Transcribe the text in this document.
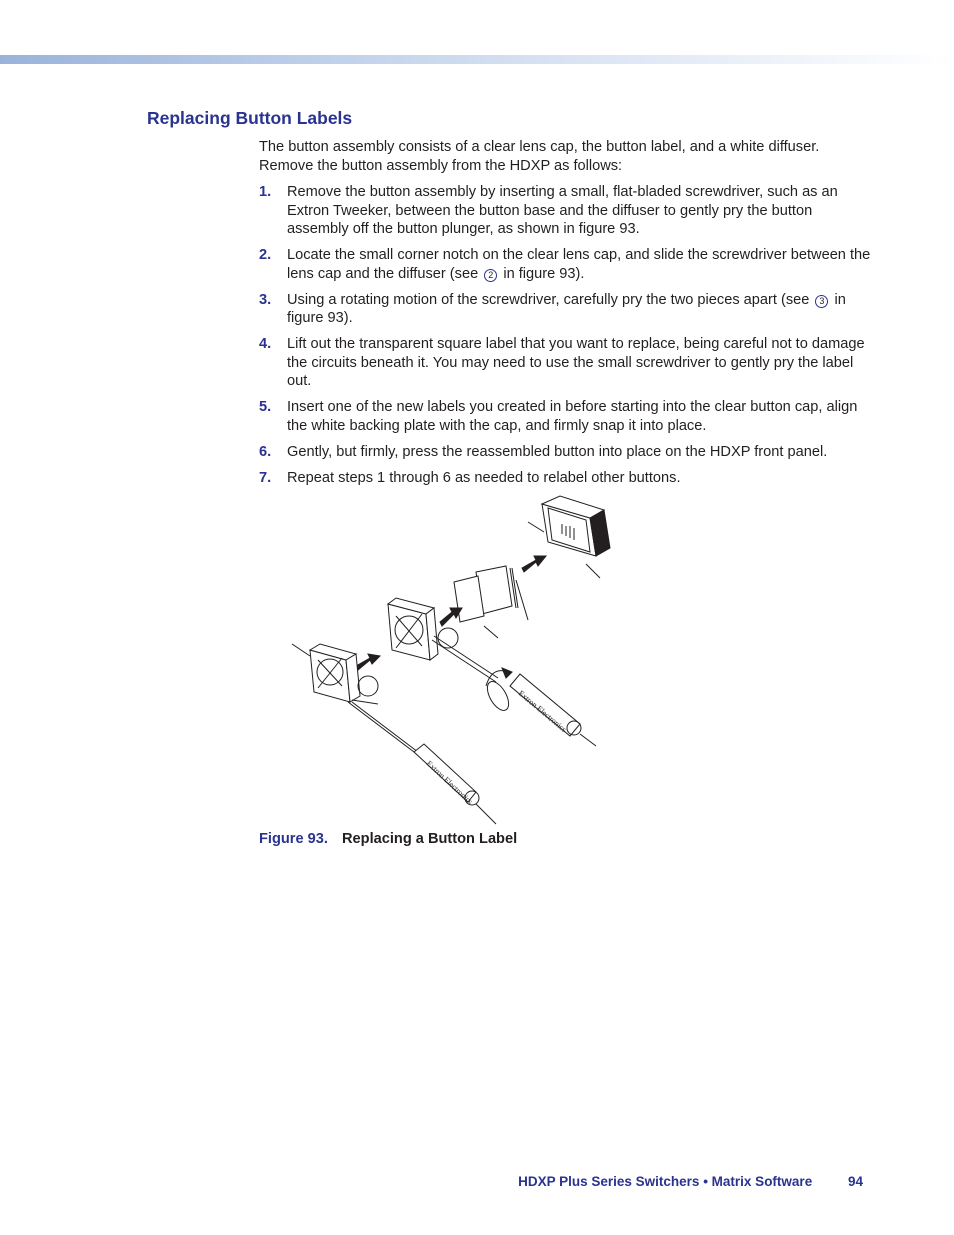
Replacing Button Labels

The button assembly consists of a clear lens cap, the button label, and a white diffuser. Remove the button assembly from the HDXP as follows:

1. Remove the button assembly by inserting a small, flat-bladed screwdriver, such as an Extron Tweeker, between the button base and the diffuser to gently pry the button assembly off the button plunger, as shown in figure 93.
2. Locate the small corner notch on the clear lens cap, and slide the screwdriver between the lens cap and the diffuser (see 2 in figure 93).
3. Using a rotating motion of the screwdriver, carefully pry the two pieces apart (see 3 in figure 93).
4. Lift out the transparent square label that you want to replace, being careful not to damage the circuits beneath it. You may need to use the small screwdriver to gently pry the label out.
5. Insert one of the new labels you created in before starting into the clear button cap, align the white backing plate with the cap, and firmly snap it into place.
6. Gently, but firmly, press the reassembled button into place on the HDXP front panel.
7. Repeat steps 1 through 6 as needed to relabel other buttons.
Extron Electronics
Extron Electronics
Figure 93. Replacing a Button Label
HDXP Plus Series Switchers • Matrix Software	94
